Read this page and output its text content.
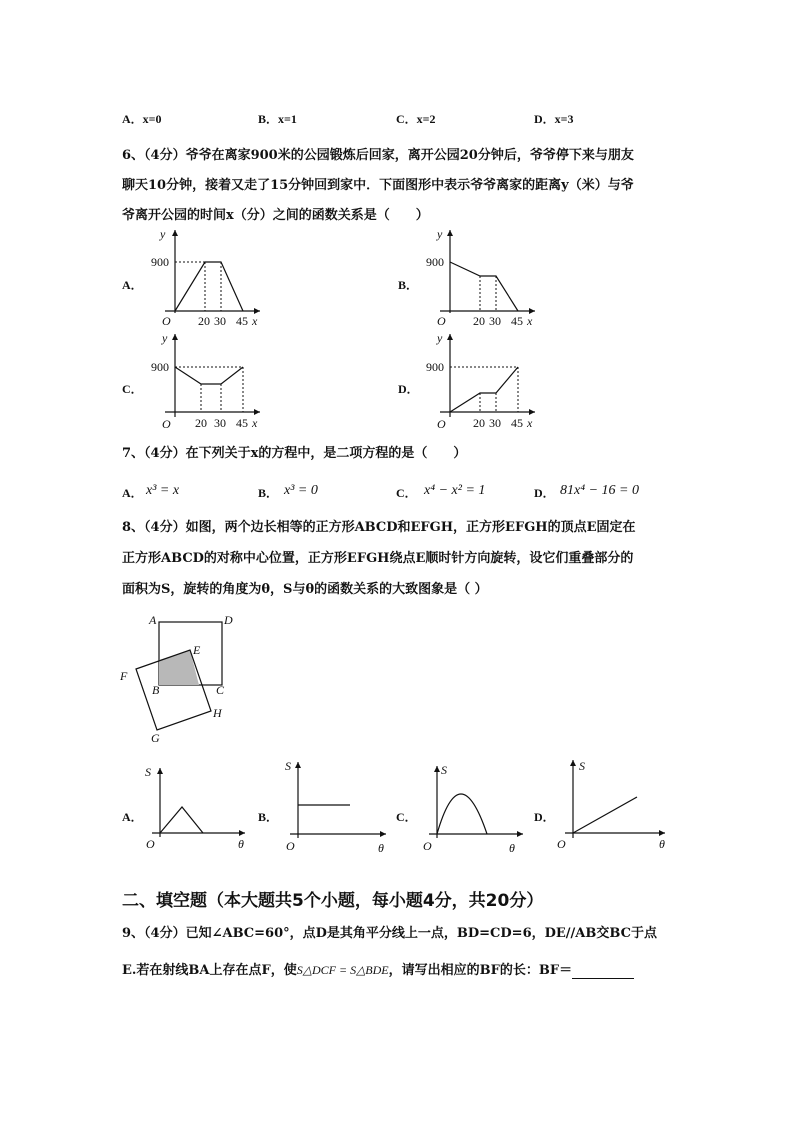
A．x=0	B．x=1	C．x=2	D．x=3
6、（4分）爷爷在离家900米的公园锻炼后回家，离开公园20分钟后，爷爷停下来与朋友
聊天10分钟，接着又走了15分钟回到家中．下面图形中表示爷爷离家的距离y（米）与爷
爷离开公园的时间x（分）之间的函数关系是（　　）
A．	B．
C．	D．
y
900
O 20 30 45 x
y
900
O 20 30 45 x
y
900
O 20 30 45 x
y
900
O 20 30 45 x
7、（4分）在下列关于x的方程中，是二项方程的是（　　）
A．	B．	C．	D．
x³ = x	x³ = 0	x⁴ − x² = 1	81x⁴ − 16 = 0
8、（4分）如图，两个边长相等的正方形ABCD和EFGH，正方形EFGH的顶点E固定在
正方形ABCD的对称中心位置，正方形EFGH绕点E顺时针方向旋转，设它们重叠部分的
面积为S，旋转的角度为θ，S与θ的函数关系的大致图象是（ ）
A	D
E
F
B	C
H
G
A．	B．	C．	D．
S
O	θ
S
O	θ
S
O	θ
S
O	θ
二、填空题（本大题共5个小题，每小题4分，共20分）
9、（4分）已知∠ABC=60°，点D是其角平分线上一点，BD=CD=6，DE//AB交BC于点
E.若在射线BA上存在点F，使S△DCF = S△BDE，请写出相应的BF的长：BF＝
